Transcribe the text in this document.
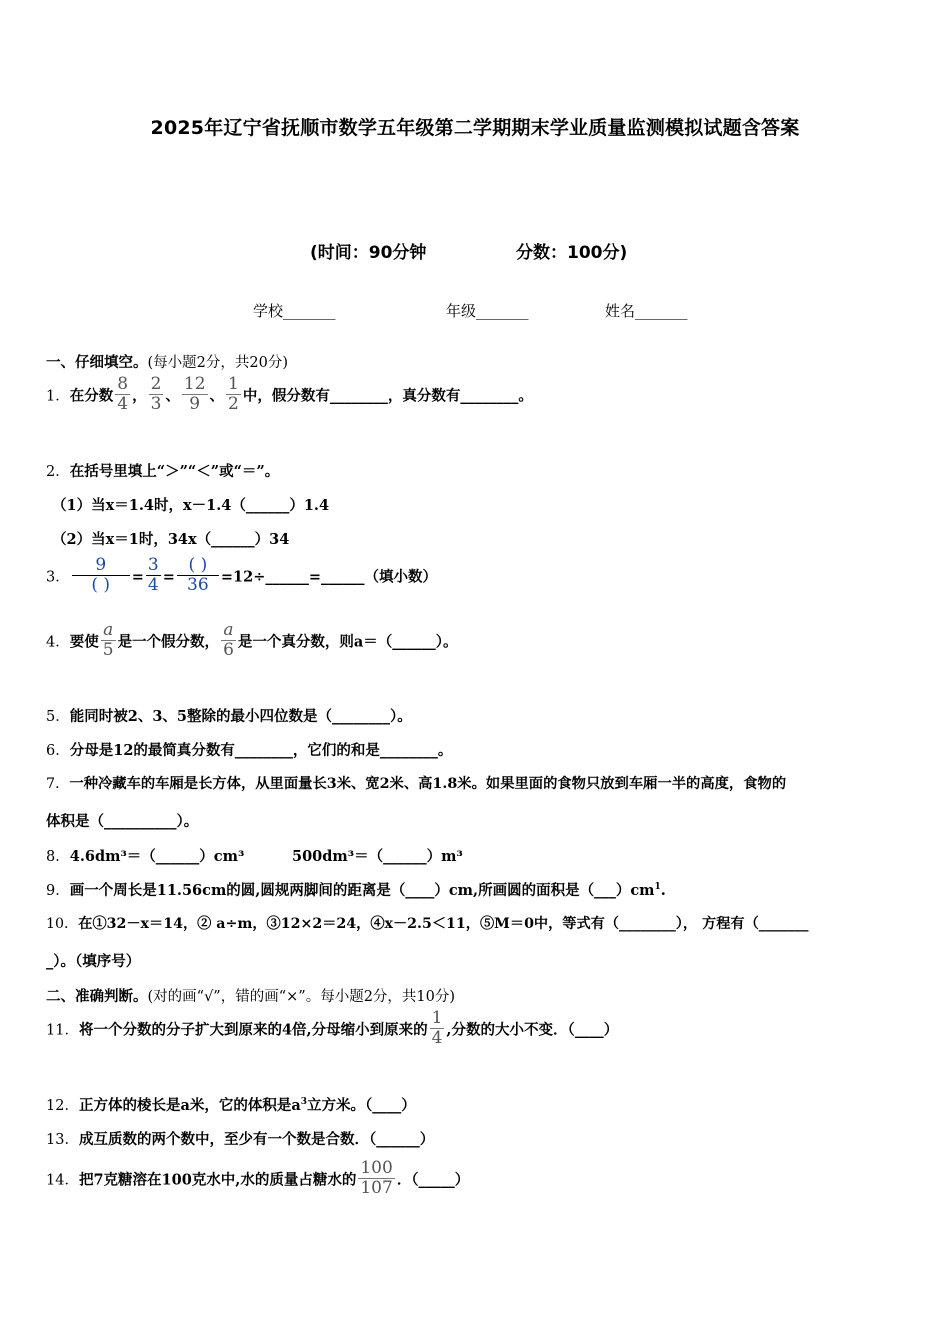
2025年辽宁省抚顺市数学五年级第二学期期末学业质量监测模拟试题含答案
(时间：90分钟	分数：100分)
学校_______	年级_______	姓名_______
一、仔细填空。(每小题2分，共20分)
1．在分数 $\frac{8}{4}$ ， $\frac{2}{3}$ 、 $\frac{12}{9}$ 、 $\frac{1}{2}$ 中，假分数有________，真分数有________。
2．在括号里填上“＞”“＜”或“＝”。
（1）当x＝1.4时，x－1.4（______）1.4
（2）当x＝1时，34x（______）34
3． $\frac{9}{( )} = \frac{3}{4} = \frac{( )}{36}$ =12÷______=______（填小数）
4．要使 $\frac{a}{5}$ 是一个假分数， $\frac{a}{6}$ 是一个真分数，则a＝（______）。
5．能同时被2、3、5整除的最小四位数是（________）。
6．分母是12的最简真分数有________，它们的和是________。
7．一种冷藏车的车厢是长方体，从里面量长3米、宽2米、高1.8米。如果里面的食物只放到车厢一半的高度，食物的
体积是（__________）。
8．4.6dm³＝（______）cm³	500dm³＝（______）m³
9．画一个周长是11.56cm的圆,圆规两脚间的距离是（____）cm,所画圆的面积是$(\_\_\_)cm^1$.
10．在①32－x＝14，② a÷m，③12×2＝24，④x－2.5＜11，⑤M＝0中，等式有（________）， 方程有（_______
_）。（填序号）
二、准确判断。(对的画“√”，错的画“×”。每小题2分，共10分)
11．将一个分数的分子扩大到原来的4倍,分母缩小到原来的 $\frac{1}{4}$ ,分数的大小不变．（____）
12．正方体的棱长是a米，它的体积是$a^3$立方米。（____）
13．成互质数的两个数中，至少有一个数是合数．（______）
14．把7克糖溶在100克水中,水的质量占糖水的 $\frac{100}{107}$ ．（_____）
